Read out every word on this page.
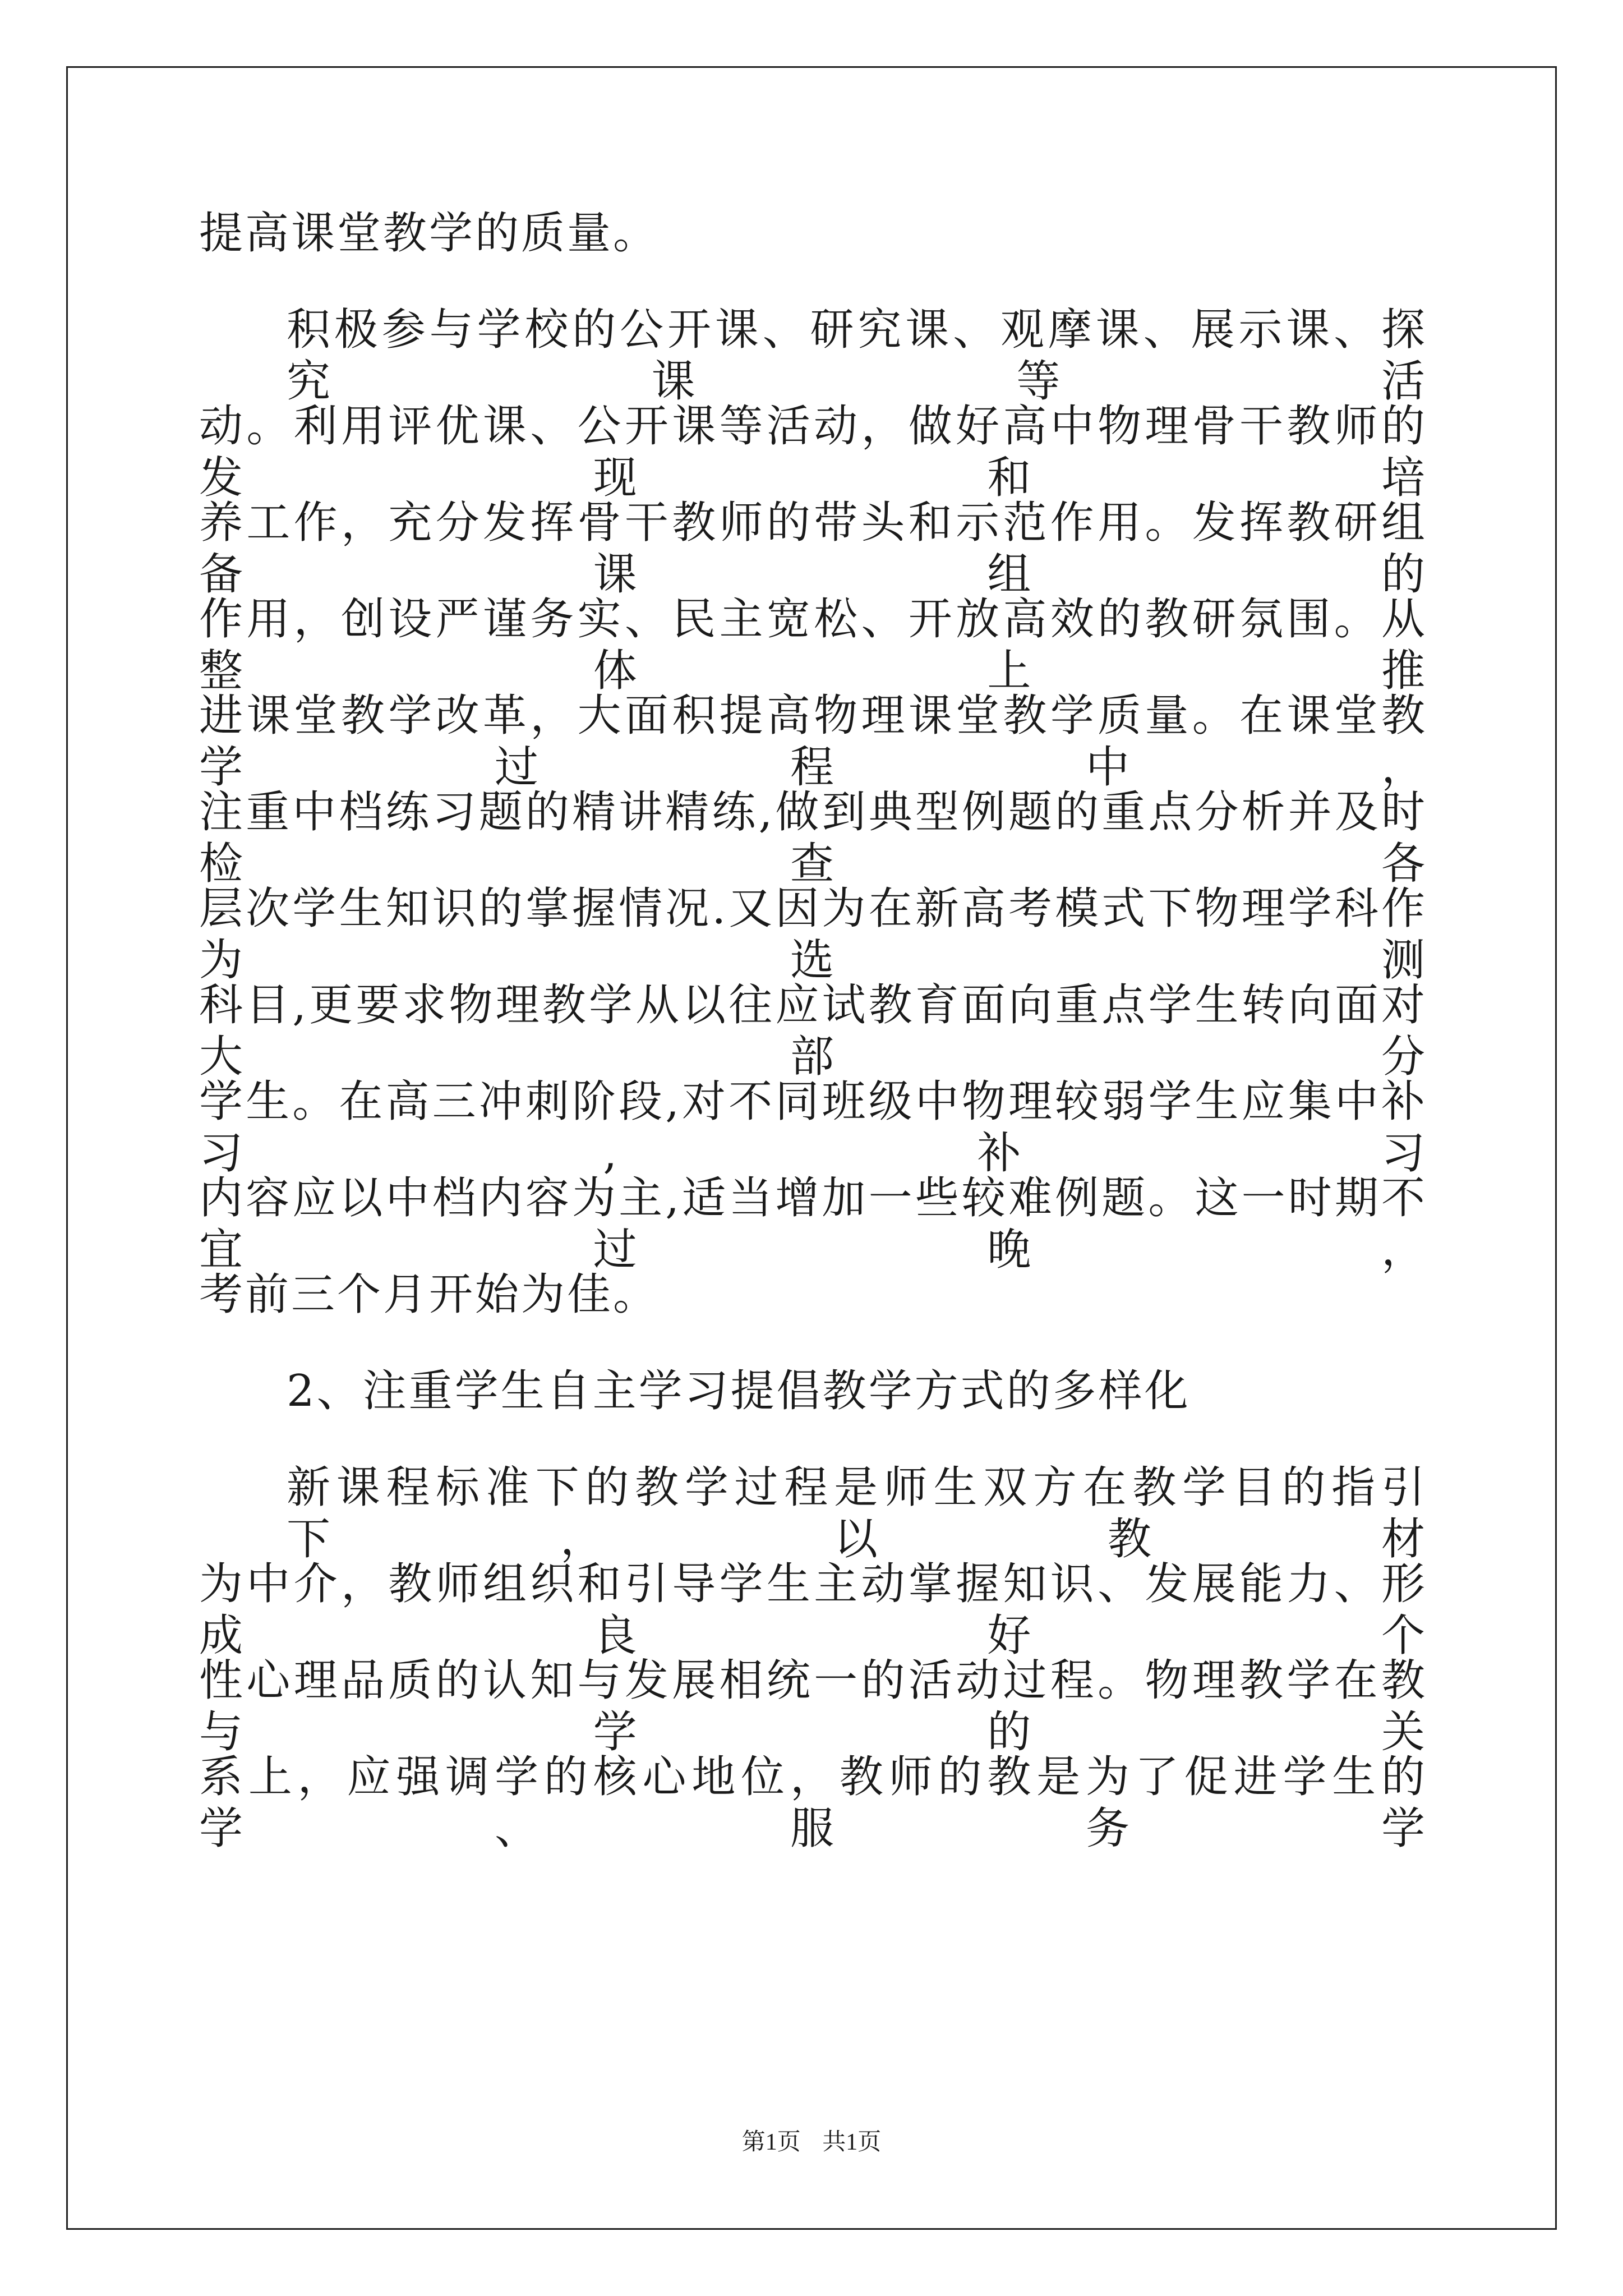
提高课堂教学的质量。
积极参与学校的公开课、研究课、观摩课、展示课、探究课等活
动。利用评优课、公开课等活动，做好高中物理骨干教师的发现和培
养工作，充分发挥骨干教师的带头和示范作用。发挥教研组备课组的
作用，创设严谨务实、民主宽松、开放高效的教研氛围。从整体上推
进课堂教学改革，大面积提高物理课堂教学质量。在课堂教学过程中，
注重中档练习题的精讲精练,做到典型例题的重点分析并及时检查各
层次学生知识的掌握情况.又因为在新高考模式下物理学科作为选测
科目,更要求物理教学从以往应试教育面向重点学生转向面对大部分
学生。在高三冲刺阶段,对不同班级中物理较弱学生应集中补习,补习
内容应以中档内容为主,适当增加一些较难例题。这一时期不宜过晚，
考前三个月开始为佳。
2、注重学生自主学习提倡教学方式的多样化
新课程标准下的教学过程是师生双方在教学目的指引下，以教材
为中介，教师组织和引导学生主动掌握知识、发展能力、形成良好个
性心理品质的认知与发展相统一的活动过程。物理教学在教与学的关
系上，应强调学的核心地位，教师的教是为了促进学生的学、服务学
第1页 共1页
